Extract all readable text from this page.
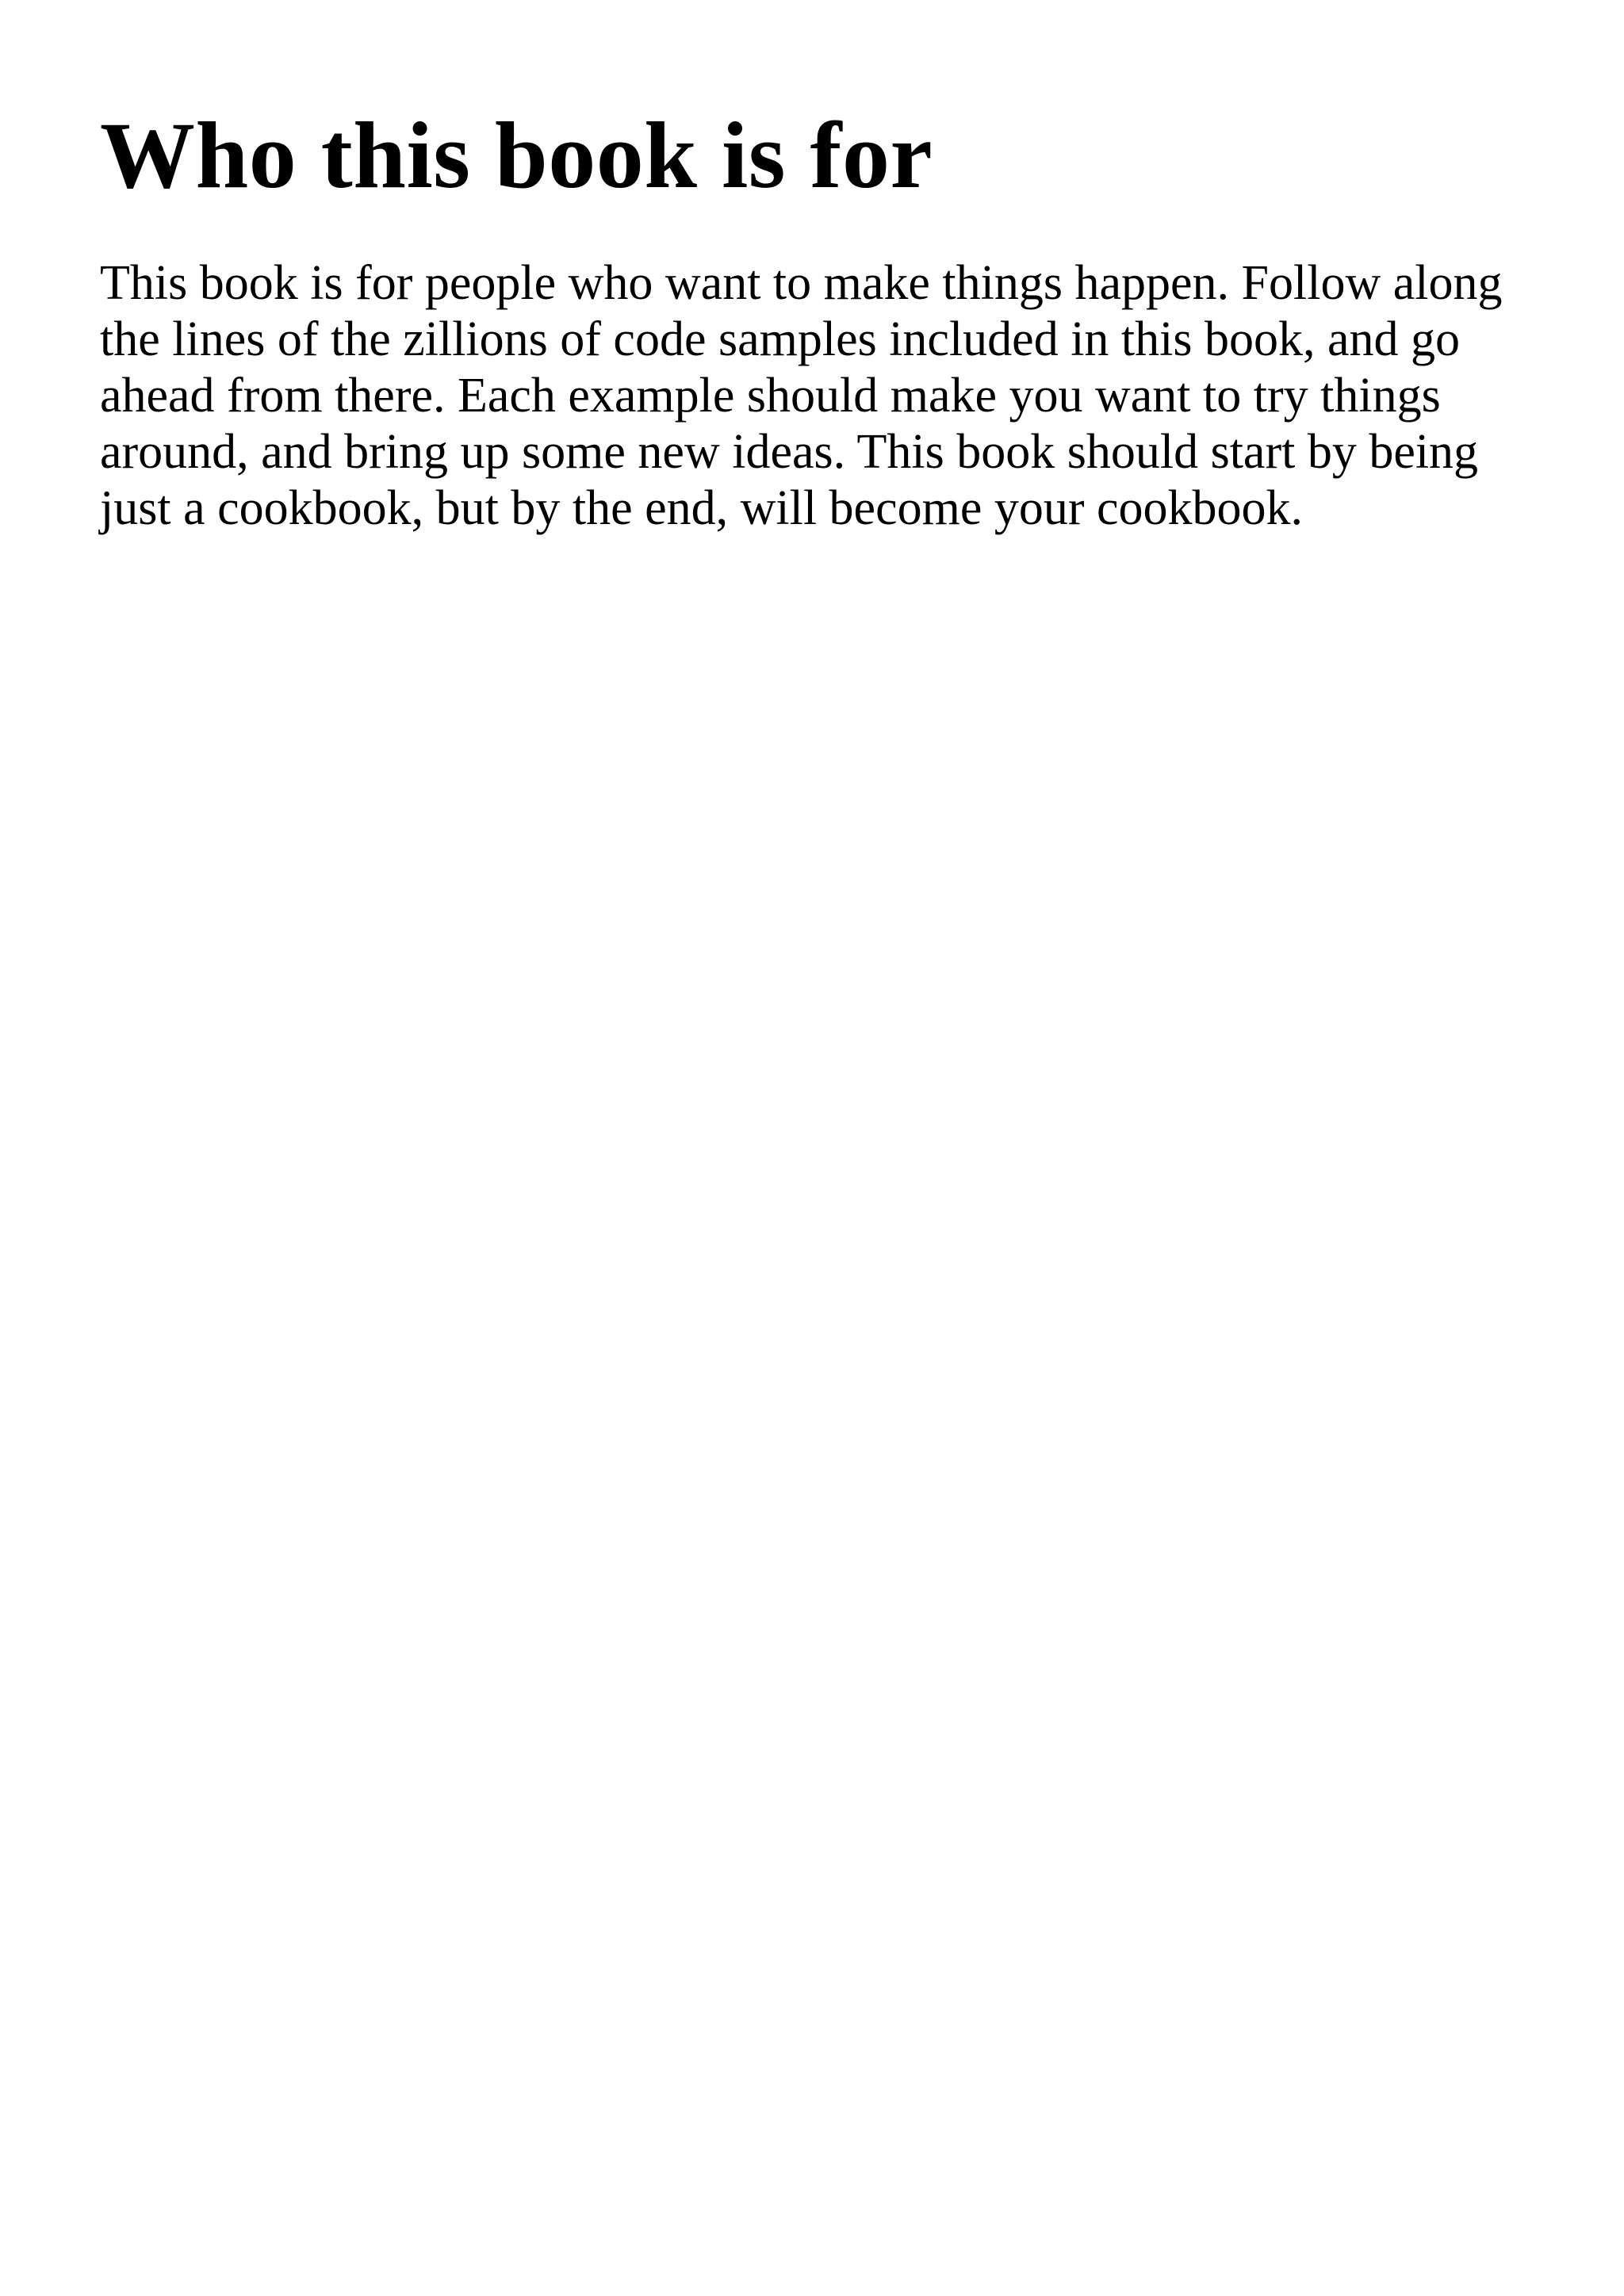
Who this book is for

This book is for people who want to make things happen. Follow along the lines of the zillions of code samples included in this book, and go ahead from there. Each example should make you want to try things around, and bring up some new ideas. This book should start by being just a cookbook, but by the end, will become your cookbook.
